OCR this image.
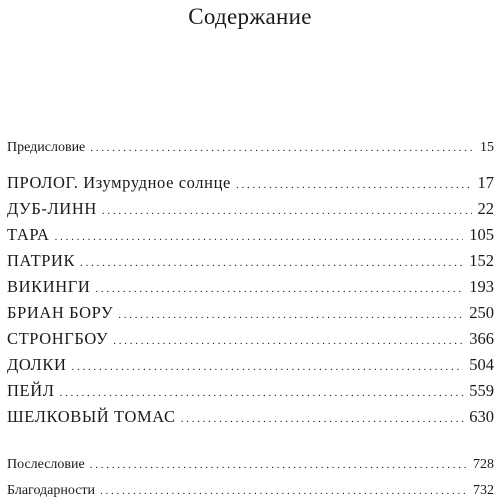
Содержание
Предисловие . . .	15
ПРОЛОГ. Изумрудное солнце . . .	17
ДУБ-ЛИНН . . .	22
ТАРА . . .	105
ПАТРИК . . .	152
ВИКИНГИ . . .	193
БРИАН БОРУ . . .	250
СТРОНГБОУ . . .	366
ДОЛКИ . . .	504
ПЕЙЛ . . .	559
ШЕЛКОВЫЙ ТОМАС . . .	630
Послесловие . . .	728
Благодарности . . .	732
